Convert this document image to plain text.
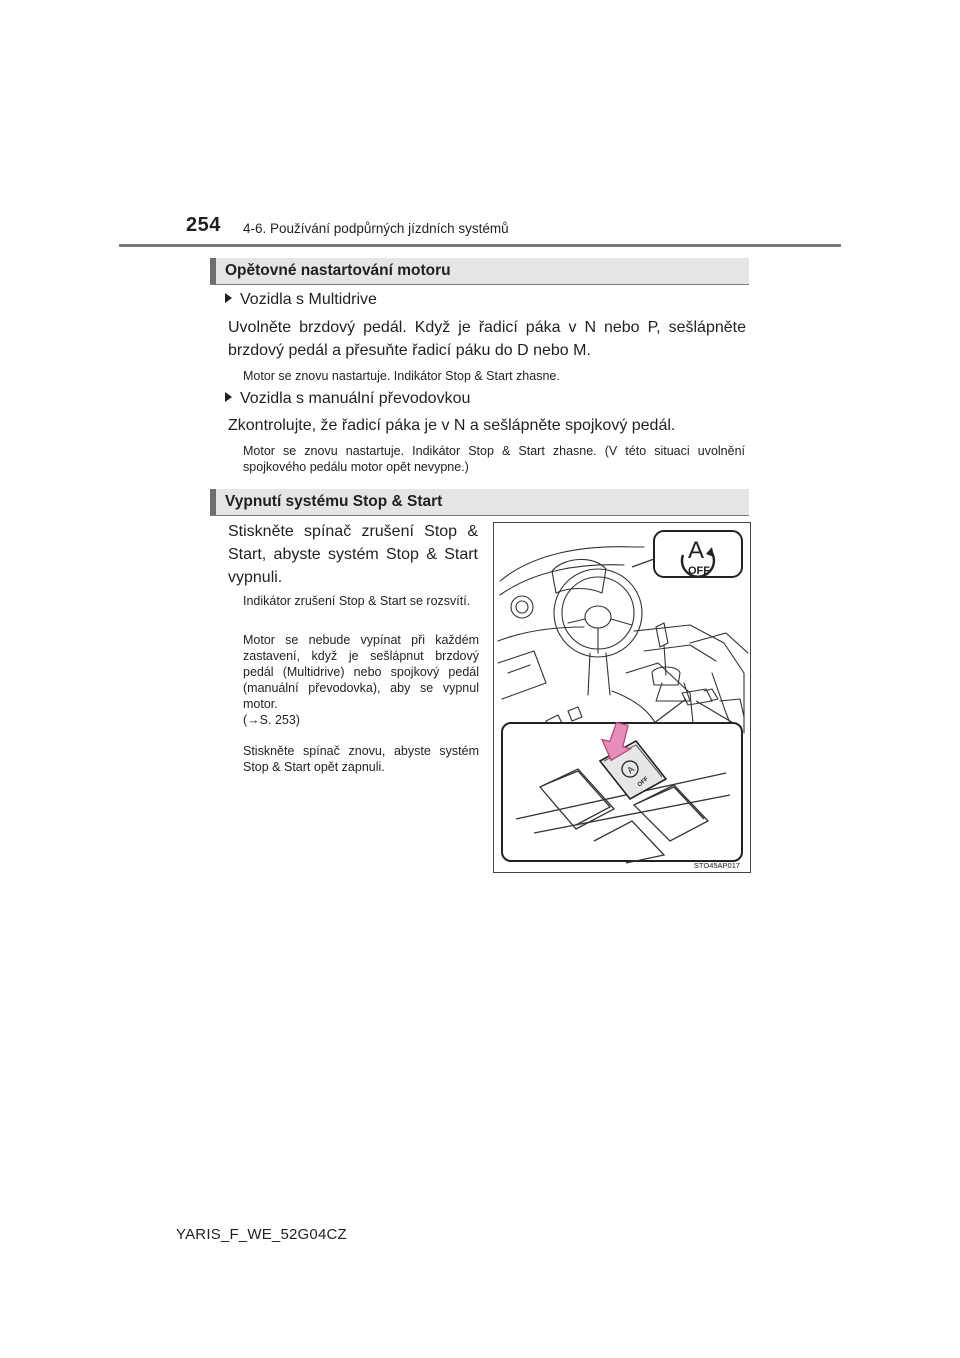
254 4-6. Používání podpůrných jízdních systémů
Opětovné nastartování motoru
Vozidla s Multidrive
Uvolněte brzdový pedál. Když je řadicí páka v N nebo P, sešlápněte brzdový pedál a přesuňte řadicí páku do D nebo M.
Motor se znovu nastartuje. Indikátor Stop & Start zhasne.
Vozidla s manuální převodovkou
Zkontrolujte, že řadicí páka je v N a sešlápněte spojkový pedál.
Motor se znovu nastartuje. Indikátor Stop & Start zhasne. (V této situaci uvolnění spojkového pedálu motor opět nevypne.)
Vypnutí systému Stop & Start
Stiskněte spínač zrušení Stop & Start, abyste systém Stop & Start vypnuli.
Indikátor zrušení Stop & Start se rozsvítí.
Motor se nebude vypínat při každém zastavení, když je sešlápnut brzdový pedál (Multidrive) nebo spojkový pedál (manuální převodovka), aby se vypnul motor.
(→S. 253)
Stiskněte spínač znovu, abyste systém Stop & Start opět zapnuli.
A
OFF
A
OFF
STO45AP017
YARIS_F_WE_52G04CZ
